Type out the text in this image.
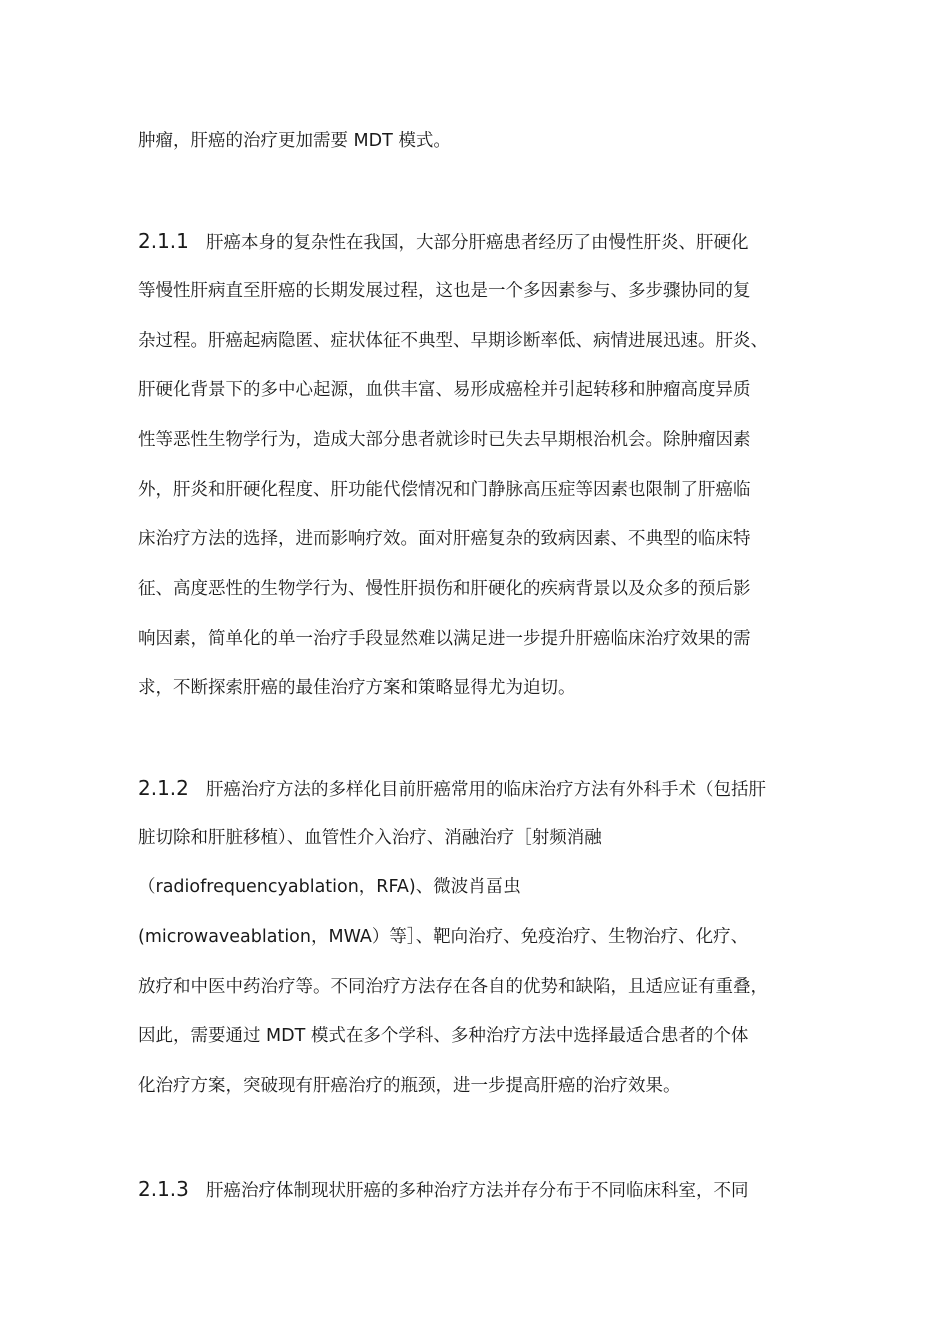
肿瘤，肝癌的治疗更加需要 MDT 模式。

2.1.1 肝癌本身的复杂性在我国，大部分肝癌患者经历了由慢性肝炎、肝硬化

等慢性肝病直至肝癌的长期发展过程，这也是一个多因素参与、多步骤协同的复

杂过程。肝癌起病隐匿、症状体征不典型、早期诊断率低、病情进展迅速。肝炎、

肝硬化背景下的多中心起源，血供丰富、易形成癌栓并引起转移和肿瘤高度异质

性等恶性生物学行为，造成大部分患者就诊时已失去早期根治机会。除肿瘤因素

外，肝炎和肝硬化程度、肝功能代偿情况和门静脉高压症等因素也限制了肝癌临

床治疗方法的选择，进而影响疗效。面对肝癌复杂的致病因素、不典型的临床特

征、高度恶性的生物学行为、慢性肝损伤和肝硬化的疾病背景以及众多的预后影

响因素，简单化的单一治疗手段显然难以满足进一步提升肝癌临床治疗效果的需

求，不断探索肝癌的最佳治疗方案和策略显得尤为迫切。

2.1.2 肝癌治疗方法的多样化目前肝癌常用的临床治疗方法有外科手术（包括肝

脏切除和肝脏移植）、血管性介入治疗、消融治疗［射频消融

（radiofrequencyablation，RFA)、微波肖畐虫

(microwaveablation，MWA）等］、靶向治疗、免疫治疗、生物治疗、化疗、

放疗和中医中药治疗等。不同治疗方法存在各自的优势和缺陷，且适应证有重叠，

因此，需要通过 MDT 模式在多个学科、多种治疗方法中选择最适合患者的个体

化治疗方案，突破现有肝癌治疗的瓶颈，进一步提高肝癌的治疗效果。

2.1.3 肝癌治疗体制现状肝癌的多种治疗方法并存分布于不同临床科室，不同
